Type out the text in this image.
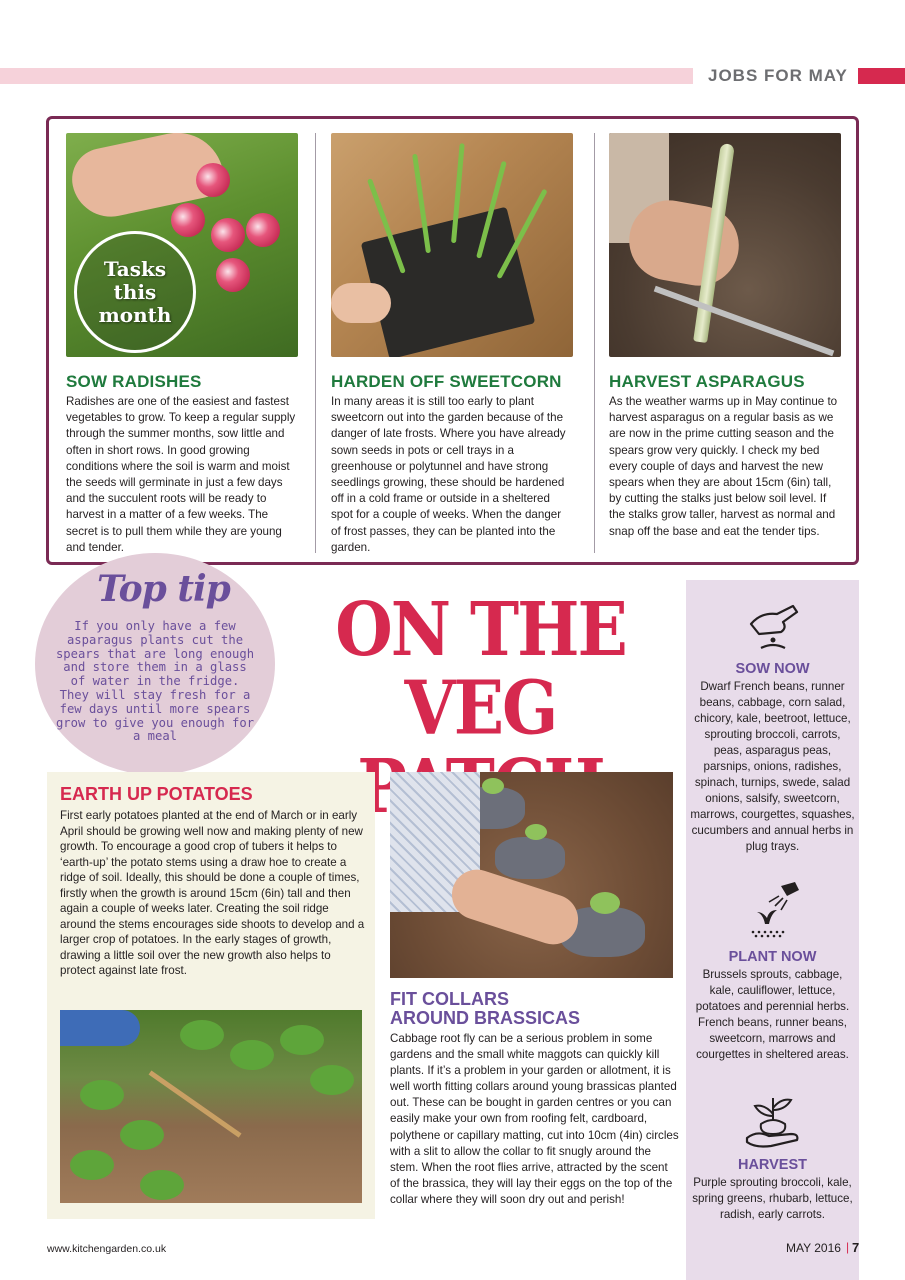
JOBS FOR MAY
Tasks
this
month
SOW RADISHES
Radishes are one of the easiest and fastest vegetables to grow. To keep a regular supply through the summer months, sow little and often in short rows. In good growing conditions where the soil is warm and moist the seeds will germinate in just a few days and the succulent roots will be ready to harvest in a matter of a few weeks. The secret is to pull them while they are young and tender.
HARDEN OFF SWEETCORN
In many areas it is still too early to plant sweetcorn out into the garden because of the danger of late frosts. Where you have already sown seeds in pots or cell trays in a greenhouse or polytunnel and have strong seedlings growing, these should be hardened off in a cold frame or outside in a sheltered spot for a couple of weeks. When the danger of frost passes, they can be planted into the garden.
HARVEST ASPARAGUS
As the weather warms up in May continue to harvest asparagus on a regular basis as we are now in the prime cutting season and the spears grow very quickly. I check my bed every couple of days and harvest the new spears when they are about 15cm (6in) tall, by cutting the stalks just below soil level. If the stalks grow taller, harvest as normal and snap off the base and eat the tender tips.
Top tip
If you only have a few asparagus plants cut the spears that are long enough and store them in a glass of water in the fridge. They will stay fresh for a few days until more spears grow to give you enough for a meal
ON THE
VEG
EARTH UP POTATOES
First early potatoes planted at the end of March or in early April should be growing well now and making plenty of new growth. To encourage a good crop of tubers it helps to ‘earth-up’ the potato stems using a draw hoe to create a ridge of soil. Ideally, this should be done a couple of times, firstly when the growth is around 15cm (6in) tall and then again a couple of weeks later. Creating the soil ridge around the stems encourages side shoots to develop and a larger crop of potatoes. In the early stages of growth, drawing a little soil over the new growth also helps to protect against late frost.
FIT COLLARS
AROUND BRASSICAS
Cabbage root fly can be a serious problem in some gardens and the small white maggots can quickly kill plants. If it’s a problem in your garden or allotment, it is well worth fitting collars around young brassicas planted out. These can be bought in garden centres or you can easily make your own from roofing felt, cardboard, polythene or capillary matting, cut into 10cm (4in) circles with a slit to allow the collar to fit snugly around the stem. When the root flies arrive, attracted by the scent of the brassica, they will lay their eggs on the top of the collar where they will soon dry out and perish!
SOW NOW
Dwarf French beans, runner beans, cabbage, corn salad, chicory, kale, beetroot, lettuce, sprouting broccoli, carrots, peas, asparagus peas, parsnips, onions, radishes, spinach, turnips, swede, salad onions, salsify, sweetcorn, marrows, courgettes, squashes, cucumbers and annual herbs in plug trays.
PLANT NOW
Brussels sprouts, cabbage, kale, cauliflower, lettuce, potatoes and perennial herbs. French beans, runner beans, sweetcorn, marrows and courgettes in sheltered areas.
HARVEST
Purple sprouting broccoli, kale, spring greens, rhubarb, lettuce, radish, early carrots.
www.kitchengarden.co.uk	MAY 2016 | 7
